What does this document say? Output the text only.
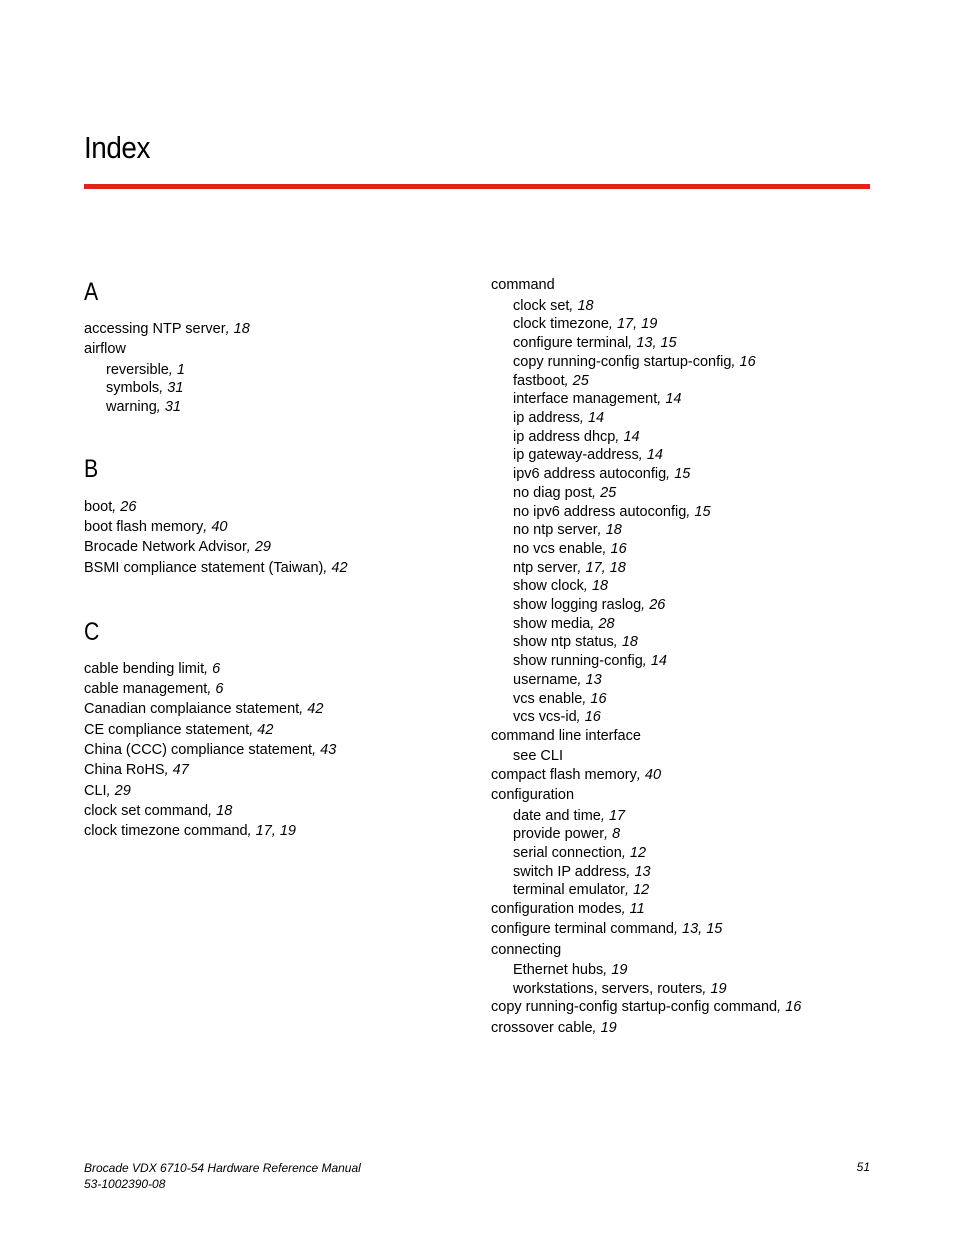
Index
A
accessing NTP server, 18
airflow
reversible, 1
symbols, 31
warning, 31
B
boot, 26
boot flash memory, 40
Brocade Network Advisor, 29
BSMI compliance statement (Taiwan), 42
C
cable bending limit, 6
cable management, 6
Canadian complaiance statement, 42
CE compliance statement, 42
China (CCC) compliance statement, 43
China RoHS, 47
CLI, 29
clock set command, 18
clock timezone command, 17, 19
command
clock set, 18
clock timezone, 17, 19
configure terminal, 13, 15
copy running-config startup-config, 16
fastboot, 25
interface management, 14
ip address, 14
ip address dhcp, 14
ip gateway-address, 14
ipv6 address autoconfig, 15
no diag post, 25
no ipv6 address autoconfig, 15
no ntp server, 18
no vcs enable, 16
ntp server, 17, 18
show clock, 18
show logging raslog, 26
show media, 28
show ntp status, 18
show running-config, 14
username, 13
vcs enable, 16
vcs vcs-id, 16
command line interface
see CLI
compact flash memory, 40
configuration
date and time, 17
provide power, 8
serial connection, 12
switch IP address, 13
terminal emulator, 12
configuration modes, 11
configure terminal command, 13, 15
connecting
Ethernet hubs, 19
workstations, servers, routers, 19
copy running-config startup-config command, 16
crossover cable, 19
Brocade VDX 6710-54 Hardware Reference Manual
53-1002390-08
51
